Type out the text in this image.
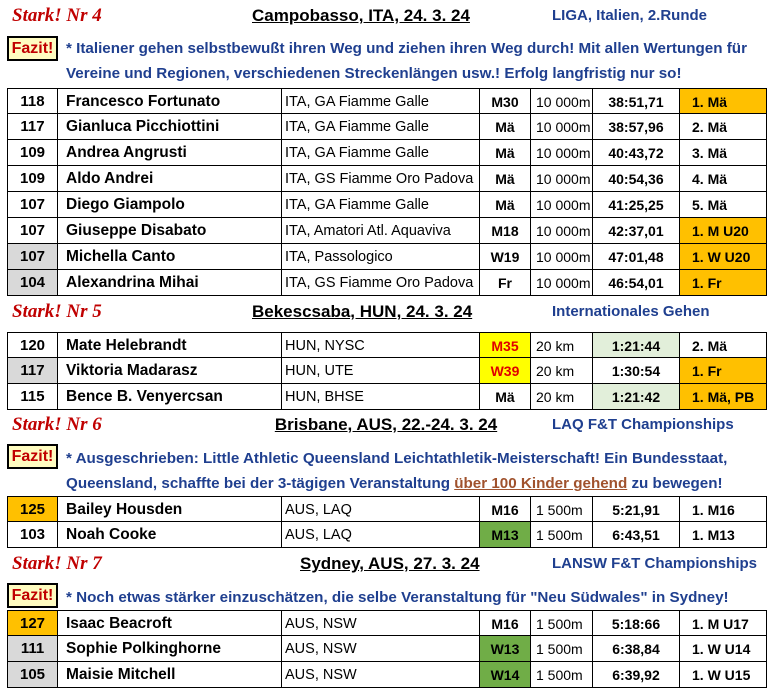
Stark! Nr 4	Campobasso, ITA, 24. 3. 24	LIGA, Italien, 2.Runde
Fazit! * Italiener gehen selbstbewußt ihren Weg und ziehen ihren Weg durch! Mit allen Wertungen für Vereine und Regionen, verschiedenen Streckenlängen usw.! Erfolg langfristig nur so!
118	Francesco Fortunato	ITA, GA Fiamme Galle	M30	10 000m	38:51,71	1. Mä
117	Gianluca Picchiottini	ITA, GA Fiamme Galle	Mä	10 000m	38:57,96	2. Mä
109	Andrea Angrusti	ITA, GA Fiamme Galle	Mä	10 000m	40:43,72	3. Mä
109	Aldo Andrei	ITA, GS Fiamme Oro Padova	Mä	10 000m	40:54,36	4. Mä
107	Diego Giampolo	ITA, GA Fiamme Galle	Mä	10 000m	41:25,25	5. Mä
107	Giuseppe Disabato	ITA, Amatori Atl. Aquaviva	M18	10 000m	42:37,01	1. M U20
107	Michella Canto	ITA, Passologico	W19	10 000m	47:01,48	1. W U20
104	Alexandrina Mihai	ITA, GS Fiamme Oro Padova	Fr	10 000m	46:54,01	1. Fr
Stark! Nr 5	Bekescsaba, HUN, 24. 3. 24	Internationales Gehen
120	Mate Helebrandt	HUN, NYSC	M35	20 km	1:21:44	2. Mä
117	Viktoria Madarasz	HUN, UTE	W39	20 km	1:30:54	1. Fr
115	Bence B. Venyercsan	HUN, BHSE	Mä	20 km	1:21:42	1. Mä, PB
Stark! Nr 6	Brisbane, AUS, 22.-24. 3. 24	LAQ F&T Championships
Fazit! * Ausgeschrieben: Little Athletic Queensland Leichtathletik-Meisterschaft! Ein Bundesstaat, Queensland, schaffte bei der 3-tägigen Veranstaltung über 100 Kinder gehend zu bewegen!
125	Bailey Housden	AUS, LAQ	M16	1 500m	5:21,91	1. M16
103	Noah Cooke	AUS, LAQ	M13	1 500m	6:43,51	1. M13
Stark! Nr 7	Sydney, AUS, 27. 3. 24	LANSW F&T Championships
Fazit! * Noch etwas stärker einzuschätzen, die selbe Veranstaltung für "Neu Südwales" in Sydney!
127	Isaac Beacroft	AUS, NSW	M16	1 500m	5:18:66	1. M U17
111	Sophie Polkinghorne	AUS, NSW	W13	1 500m	6:38,84	1. W U14
105	Maisie Mitchell	AUS, NSW	W14	1 500m	6:39,92	1. W U15
